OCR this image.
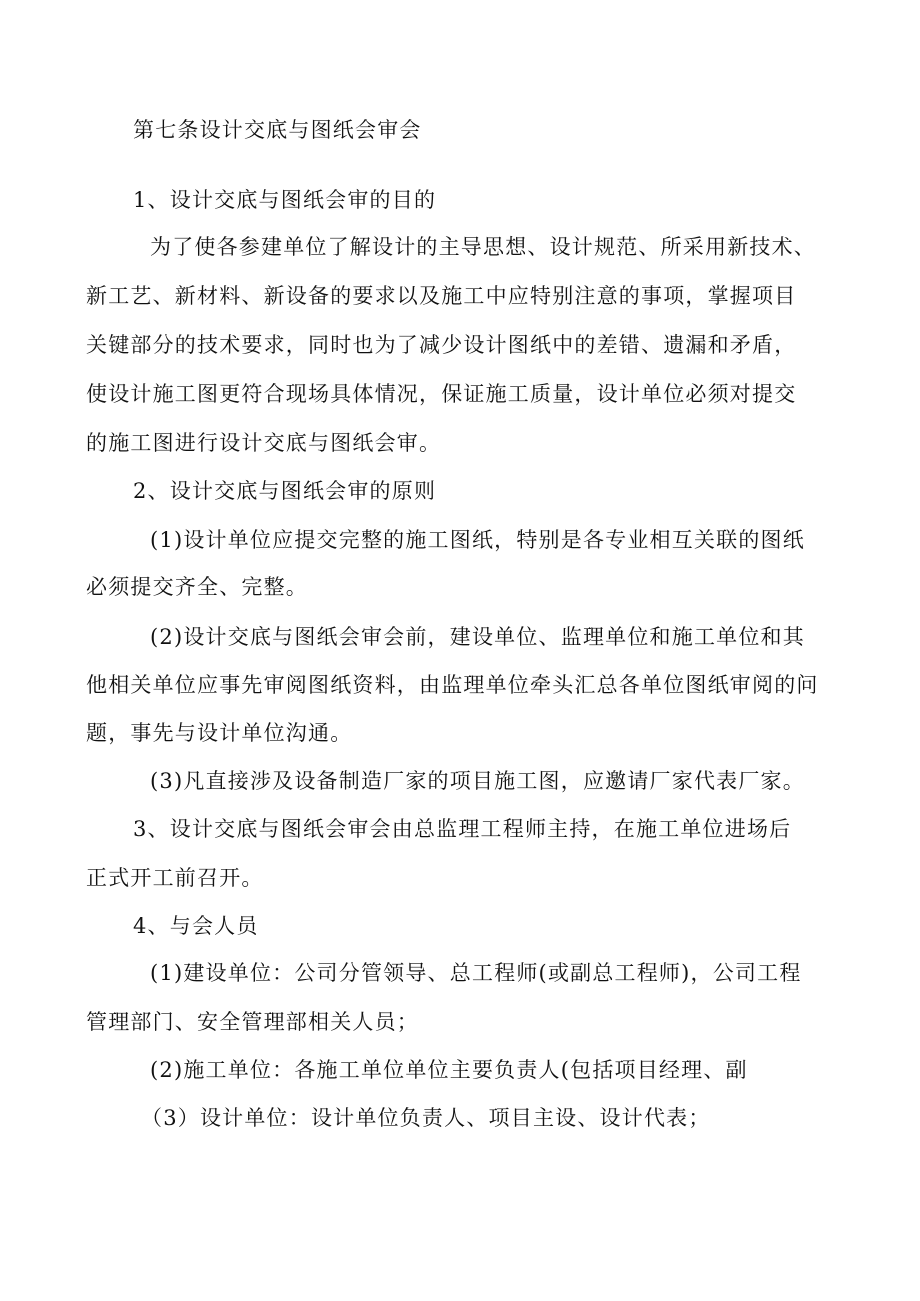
第七条设计交底与图纸会审会
1、设计交底与图纸会审的目的
为了使各参建单位了解设计的主导思想、设计规范、所采用新技术、
新工艺、新材料、新设备的要求以及施工中应特别注意的事项，掌握项目
关键部分的技术要求，同时也为了减少设计图纸中的差错、遗漏和矛盾，
使设计施工图更符合现场具体情况，保证施工质量，设计单位必须对提交
的施工图进行设计交底与图纸会审。
2、设计交底与图纸会审的原则
(1)设计单位应提交完整的施工图纸，特别是各专业相互关联的图纸
必须提交齐全、完整。
(2)设计交底与图纸会审会前，建设单位、监理单位和施工单位和其
他相关单位应事先审阅图纸资料，由监理单位牵头汇总各单位图纸审阅的问
题，事先与设计单位沟通。
(3)凡直接涉及设备制造厂家的项目施工图，应邀请厂家代表厂家。
3、设计交底与图纸会审会由总监理工程师主持，在施工单位进场后
正式开工前召开。
4、与会人员
(1)建设单位：公司分管领导、总工程师(或副总工程师)，公司工程
管理部门、安全管理部相关人员；
(2)施工单位：各施工单位单位主要负责人(包括项目经理、副
（3）设计单位：设计单位负责人、项目主设、设计代表；
